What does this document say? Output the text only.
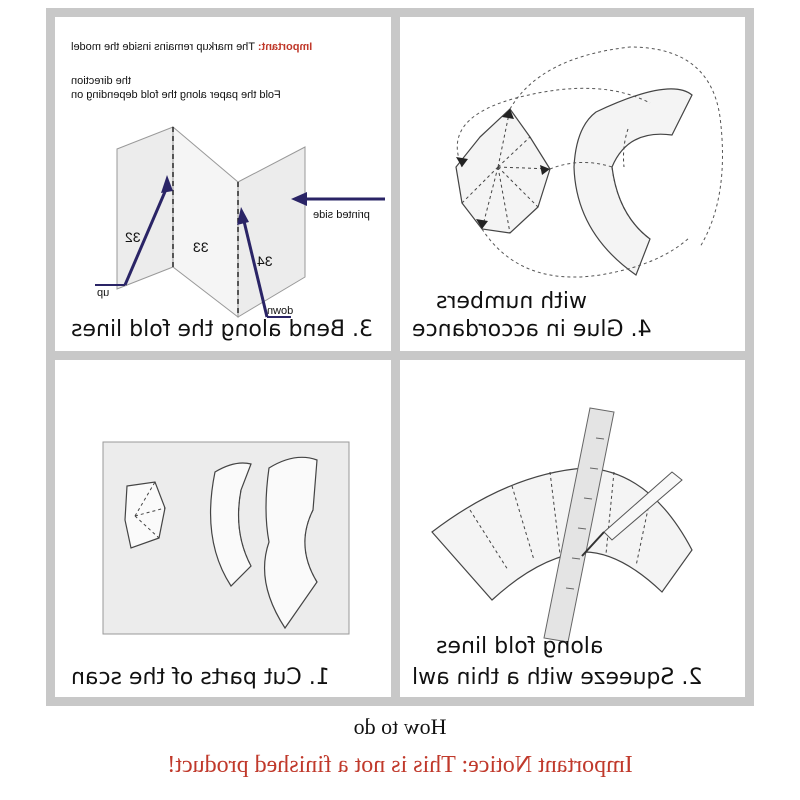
3. Bend along the fold lines
Important: The markup remains inside the model
Fold the paper along the fold depending on
the direction
printed side
up
down
32
33
34
4. Glue in accordance
with numbers
1. Cut parts of the scan	2. Squeeze with a thin awl
along fold lines
How to do
Important Notice: This is not a finished product!
